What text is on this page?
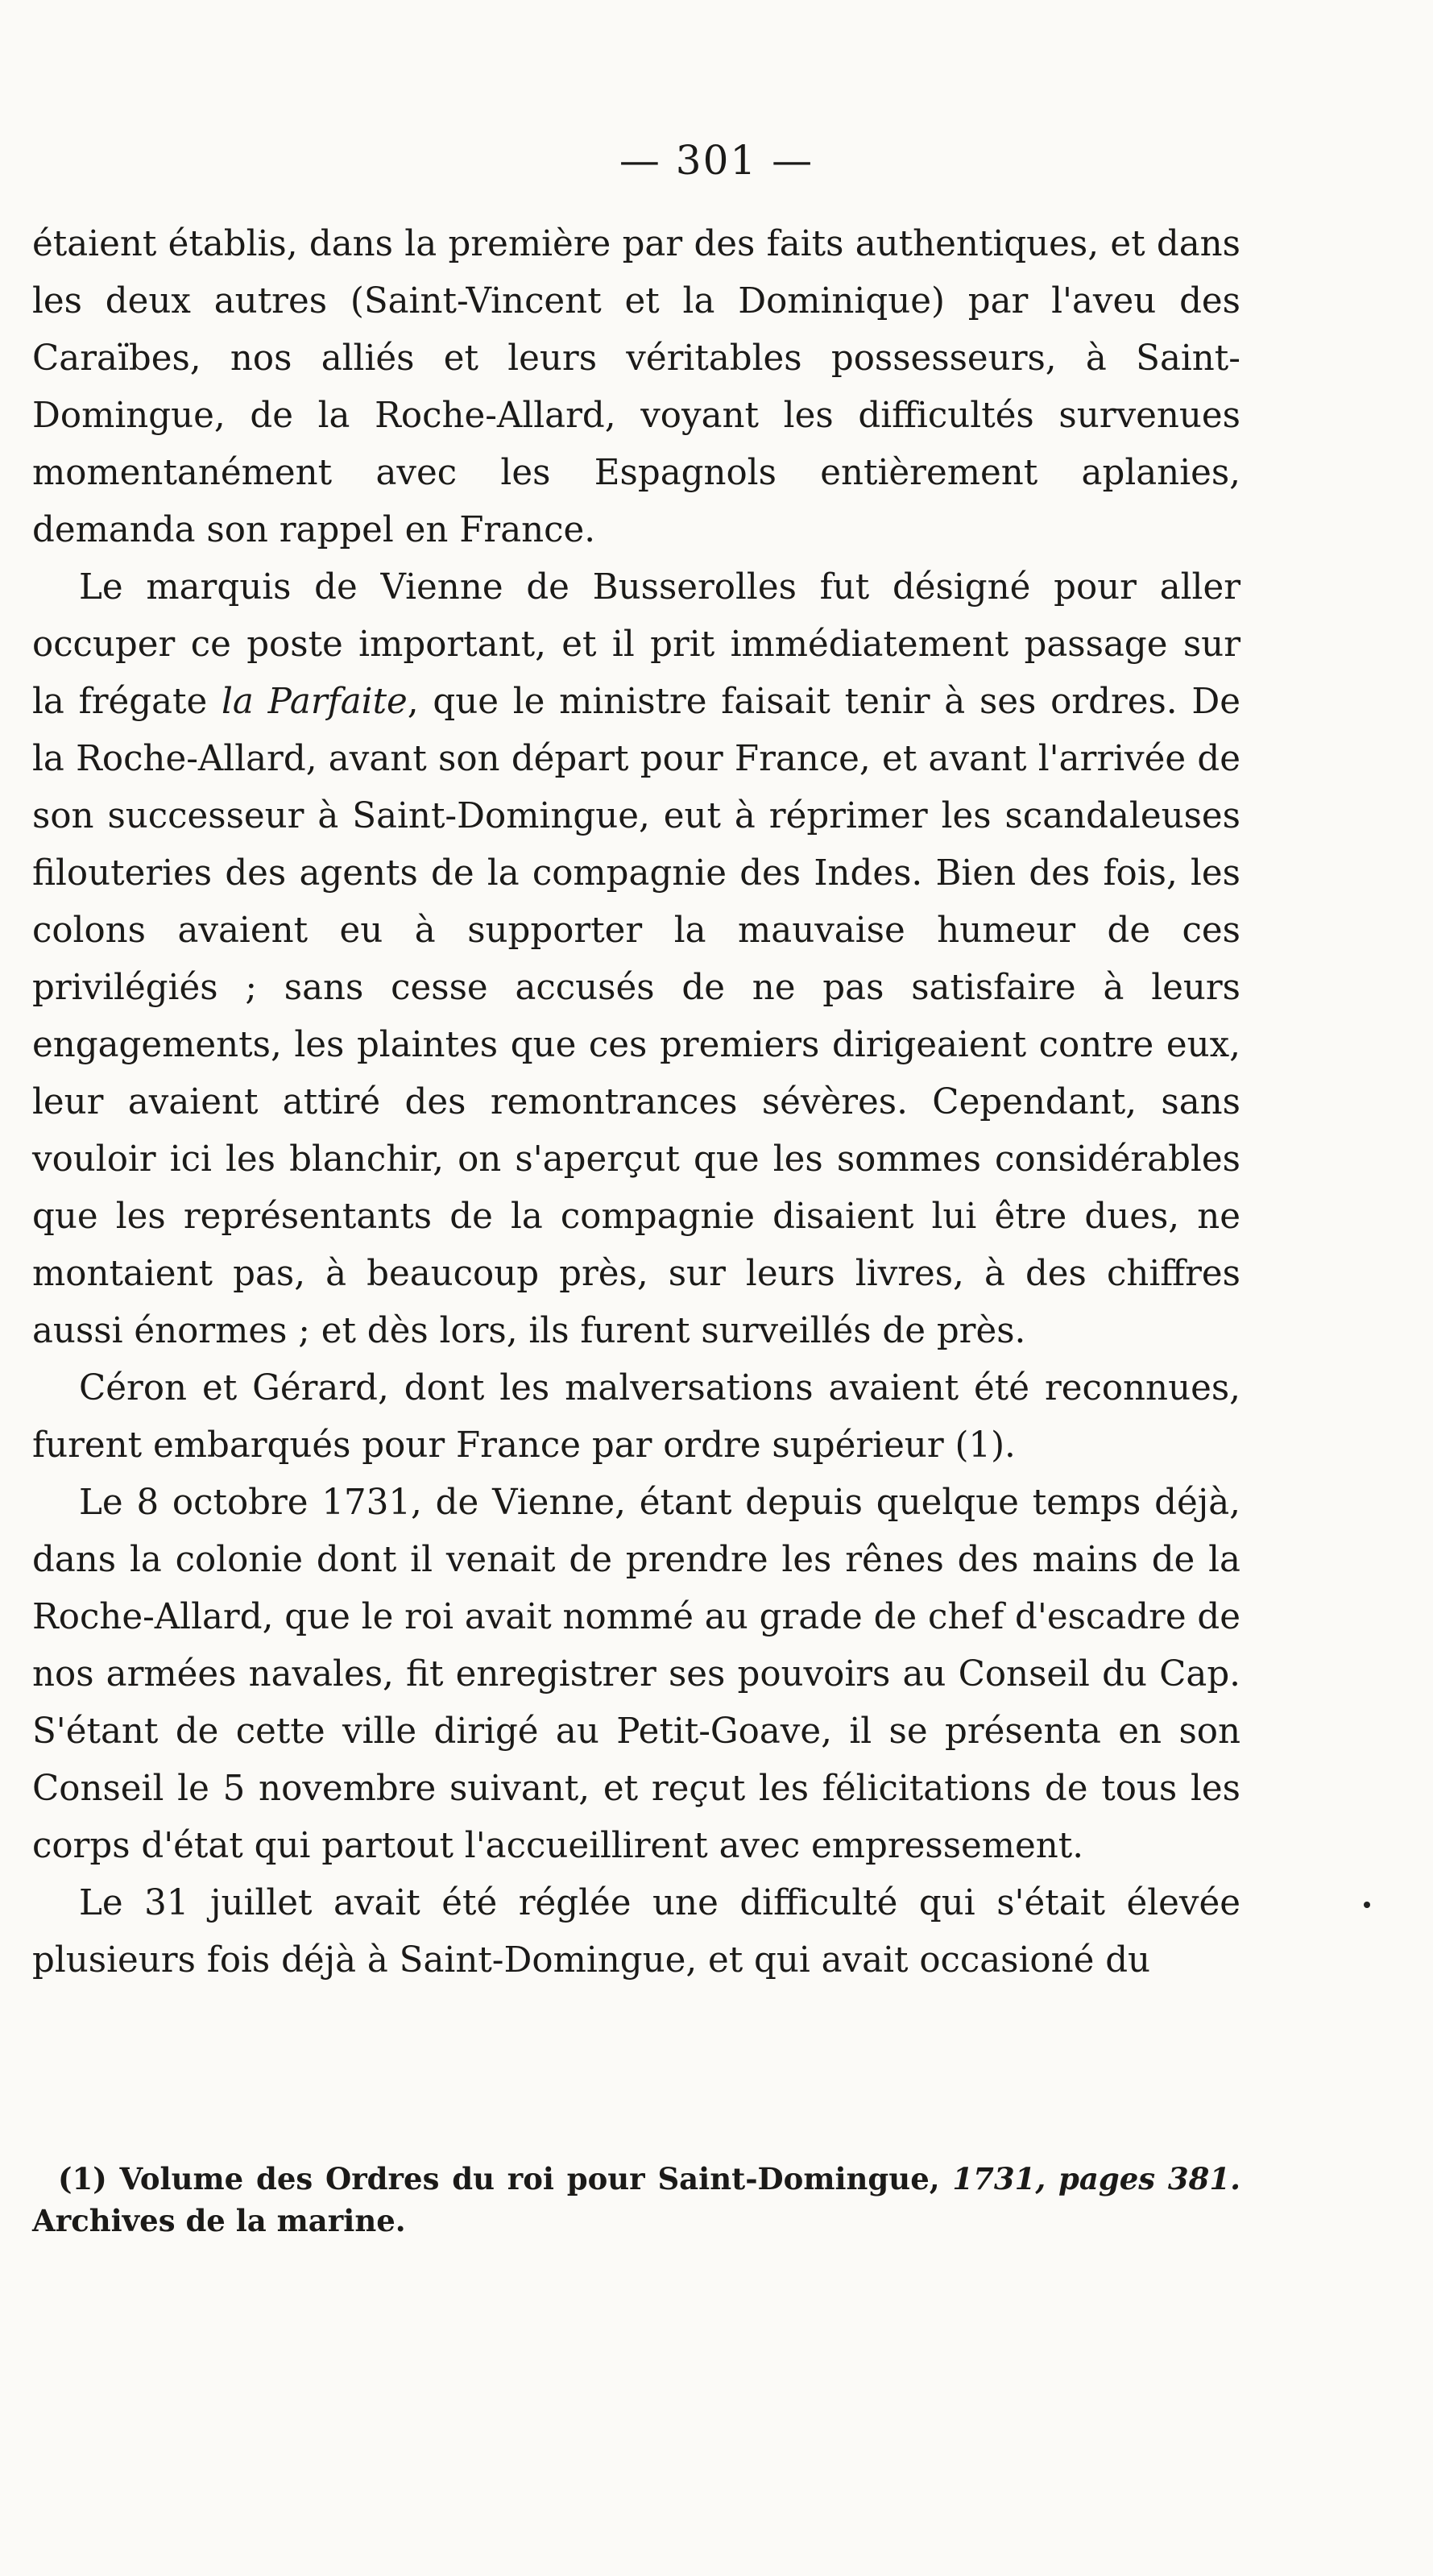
— 301 —

étaient établis, dans la première par des faits authentiques, et dans les deux autres (Saint-Vincent et la Dominique) par l'aveu des Caraïbes, nos alliés et leurs véritables possesseurs, à Saint-Domingue, de la Roche-Allard, voyant les difficultés survenues momentanément avec les Espagnols entièrement aplanies, demanda son rappel en France.

Le marquis de Vienne de Busserolles fut désigné pour aller occuper ce poste important, et il prit immédiatement passage sur la frégate la Parfaite, que le ministre faisait tenir à ses ordres. De la Roche-Allard, avant son départ pour France, et avant l'arrivée de son successeur à Saint-Domingue, eut à réprimer les scandaleuses filouteries des agents de la compagnie des Indes. Bien des fois, les colons avaient eu à supporter la mauvaise humeur de ces privilégiés ; sans cesse accusés de ne pas satisfaire à leurs engagements, les plaintes que ces premiers dirigeaient contre eux, leur avaient attiré des remontrances sévères. Cependant, sans vouloir ici les blanchir, on s'aperçut que les sommes considérables que les représentants de la compagnie disaient lui être dues, ne montaient pas, à beaucoup près, sur leurs livres, à des chiffres aussi énormes ; et dès lors, ils furent surveillés de près.

Céron et Gérard, dont les malversations avaient été reconnues, furent embarqués pour France par ordre supérieur (1).

Le 8 octobre 1731, de Vienne, étant depuis quelque temps déjà, dans la colonie dont il venait de prendre les rênes des mains de la Roche-Allard, que le roi avait nommé au grade de chef d'escadre de nos armées navales, fit enregistrer ses pouvoirs au Conseil du Cap. S'étant de cette ville dirigé au Petit-Goave, il se présenta en son Conseil le 5 novembre suivant, et reçut les félicitations de tous les corps d'état qui partout l'accueillirent avec empressement.

Le 31 juillet avait été réglée une difficulté qui s'était élevée plusieurs fois déjà à Saint-Domingue, et qui avait occasioné du

(1) Volume des Ordres du roi pour Saint-Domingue, 1731, pages 381. Archives de la marine.
